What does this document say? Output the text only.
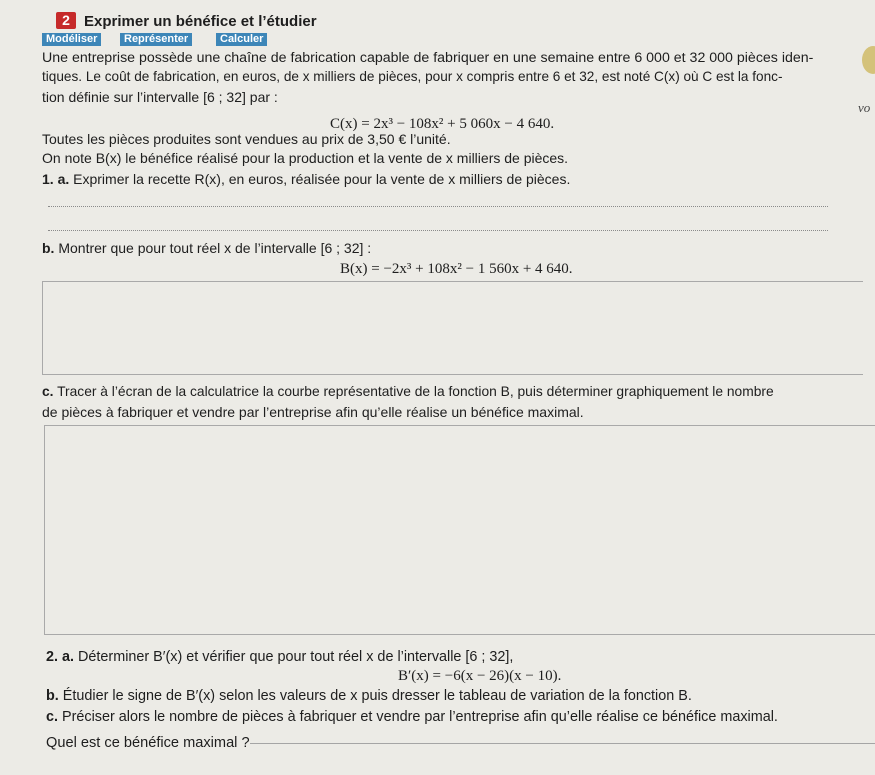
2 Exprimer un bénéfice et l’étudier
Modéliser	Représenter	Calculer
Une entreprise possède une chaîne de fabrication capable de fabriquer en une semaine entre 6 000 et 32 000 pièces iden-
tiques. Le coût de fabrication, en euros, de x milliers de pièces, pour x compris entre 6 et 32, est noté C(x) où C est la fonc-
tion définie sur l’intervalle [6 ; 32] par :
C(x) = 2x³ − 108x² + 5 060x − 4 640.
Toutes les pièces produites sont vendues au prix de 3,50 € l’unité.
On note B(x) le bénéfice réalisé pour la production et la vente de x milliers de pièces.
1. a. Exprimer la recette R(x), en euros, réalisée pour la vente de x milliers de pièces.
b. Montrer que pour tout réel x de l’intervalle [6 ; 32] :
B(x) = −2x³ + 108x² − 1 560x + 4 640.
c. Tracer à l’écran de la calculatrice la courbe représentative de la fonction B, puis déterminer graphiquement le nombre
de pièces à fabriquer et vendre par l’entreprise afin qu’elle réalise un bénéfice maximal.
2. a. Déterminer B′(x) et vérifier que pour tout réel x de l’intervalle [6 ; 32],
B′(x) = −6(x − 26)(x − 10).
b. Étudier le signe de B′(x) selon les valeurs de x puis dresser le tableau de variation de la fonction B.
c. Préciser alors le nombre de pièces à fabriquer et vendre par l’entreprise afin qu’elle réalise ce bénéfice maximal.
Quel est ce bénéfice maximal ?
vo
